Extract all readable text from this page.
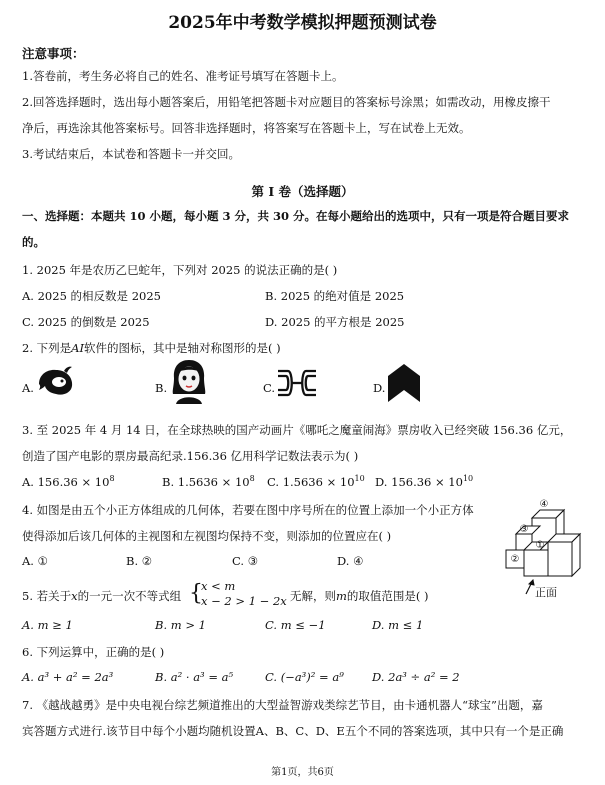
2025年中考数学模拟押题预测试卷
注意事项：
1.答卷前，考生务必将自己的姓名、准考证号填写在答题卡上。
2.回答选择题时，选出每小题答案后，用铅笔把答题卡对应题目的答案标号涂黑；如需改动，用橡皮擦干
净后，再选涂其他答案标号。回答非选择题时，将答案写在答题卡上，写在试卷上无效。
3.考试结束后，本试卷和答题卡一并交回。
第 I 卷（选择题）
一、选择题：本题共 10 小题，每小题 3 分，共 30 分。在每小题给出的选项中，只有一项是符合题目要求
的。
1. 2025 年是农历乙巳蛇年，下列对 2025 的说法正确的是( )
A. 2025 的相反数是 2025	B. 2025 的绝对值是 2025
C. 2025 的倒数是 2025	D. 2025 的平方根是 2025
2. 下列是AI软件的图标，其中是轴对称图形的是( )
A.	B.	C.	D.
3. 至 2025 年 4 月 14 日，在全球热映的国产动画片《哪吒之魔童闹海》票房收入已经突破 156.36 亿元，
创造了国产电影的票房最高纪录.156.36 亿用科学记数法表示为( )
A. $156.36 \times 10^8$	B. $1.5636 \times 10^8$ C. $1.5636 \times 10^{10}$ D. $156.36 \times 10^{10}$
4. 如图是由五个小正方体组成的几何体，若要在图中序号所在的位置上添加一个小正方体
使得添加后该几何体的主视图和左视图均保持不变，则添加的位置应在( )
A. ①	B. ②	C. ③	D. ④
④
③
①
②
正面
5. 若关于x的一元一次不等式组 {
x < m
x − 2 > 1 − 2x 无解，则m的取值范围是( )
A. m ≥ 1	B. m > 1	C. m ≤ −1	D. m ≤ 1
6. 下列运算中，正确的是( )
A. a³ + a² = 2a³	B. a² · a³ = a⁵	C. (−a³)² = a⁹ D. 2a³ ÷ a² = 2
7. 《越战越勇》是中央电视台综艺频道推出的大型益智游戏类综艺节目，由卡通机器人“球宝”出题，嘉
宾答题方式进行.该节目中每个小题均随机设置A、B、C、D、E五个不同的答案选项，其中只有一个是正确
第1页，共6页
